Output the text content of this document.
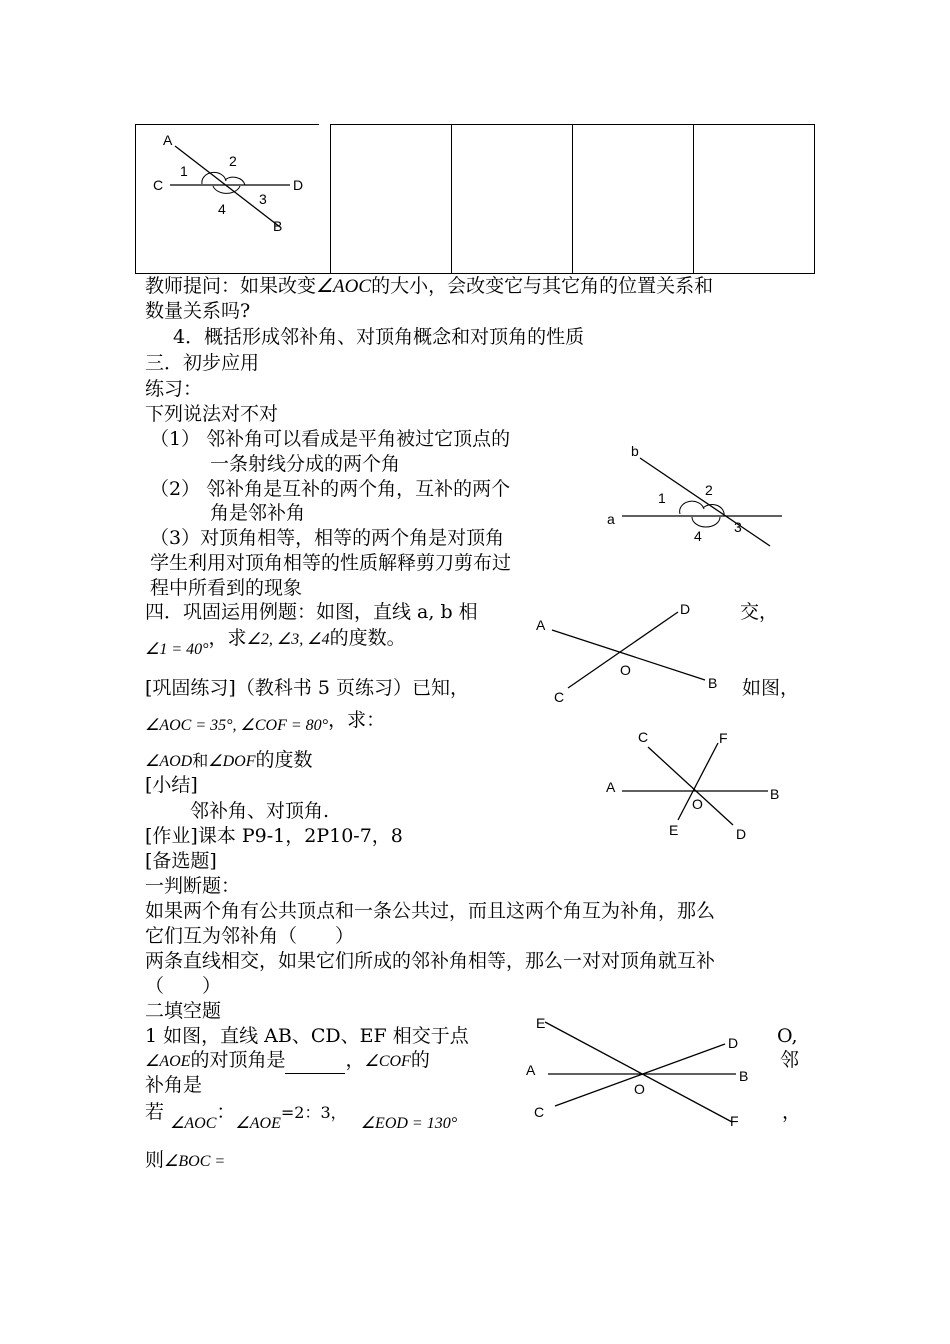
A
C	D
B
1
2
3
4
教师提问：如果改变∠AOC的大小，会改变它与其它角的位置关系和
数量关系吗?
4．概括形成邻补角、对顶角概念和对顶角的性质
三．初步应用
练习：
下列说法对不对
（1） 邻补角可以看成是平角被过它顶点的
一条射线分成的两个角
（2） 邻补角是互补的两个角，互补的两个
角是邻补角
（3）对顶角相等，相等的两个角是对顶角
学生利用对顶角相等的性质解释剪刀剪布过
程中所看到的现象
b
a
1	2
3
4
四．巩固运用例题：如图，直线 a, b 相	交，
$_{\angle 1 = 40^\circ}$，求∠2, ∠3, ∠4的度数。
A
B
C
D
O
[巩固练习]（教科书 5 页练习）已知，	如图，
$_{\angle AOC = 35^\circ, \angle COF = 80^\circ}$，求：
∠AOD和∠DOF的度数
A	B
C
D
E
F
O
[小结]
邻补角、对顶角.
[作业]课本 P9-1，2P10-7，8
[备选题]
一判断题：
如果两个角有公共顶点和一条公共过，而且这两个角互为补角，那么
它们互为邻补角（　　）
两条直线相交，如果它们所成的邻补角相等，那么一对对顶角就互补
（　　）
二填空题
1 如图，直线 AB、CD、EF 相交于点	O,
∠AOE的对顶角是	，∠COF的	邻
补角是
若 $_{\angle AOC}$：$_{\angle AOE}$=2：3， $_{\angle EOD = 130^\circ}$
，
则∠BOC =
E
A
C
D
B
F
O
